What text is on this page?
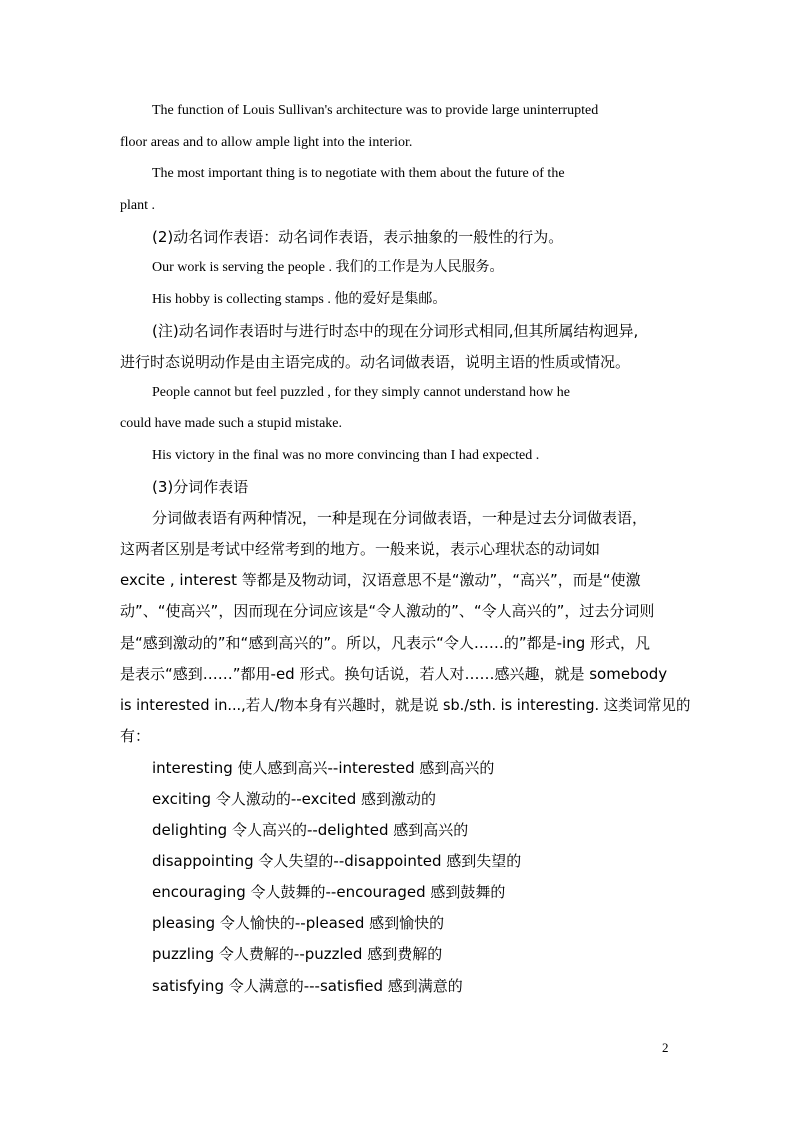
The function of Louis Sullivan's architecture was to provide large uninterrupted
floor areas and to allow ample light into the interior.
The most important thing is to negotiate with them about the future of the
plant .
(2)动名词作表语：动名词作表语，表示抽象的一般性的行为。
Our work is serving the people . 我们的工作是为人民服务。
His hobby is collecting stamps . 他的爱好是集邮。
(注)动名词作表语时与进行时态中的现在分词形式相同,但其所属结构迥异,
进行时态说明动作是由主语完成的。动名词做表语，说明主语的性质或情况。
People cannot but feel puzzled , for they simply cannot understand how he
could have made such a stupid mistake.
His victory in the final was no more convincing than I had expected .
(3)分词作表语
分词做表语有两种情况，一种是现在分词做表语，一种是过去分词做表语，
这两者区别是考试中经常考到的地方。一般来说，表示心理状态的动词如
excite , interest 等都是及物动词，汉语意思不是“激动”，“高兴”，而是“使激
动”、“使高兴”，因而现在分词应该是“令人激动的”、“令人高兴的”，过去分词则
是“感到激动的”和“感到高兴的”。所以，凡表示“令人……的”都是-ing 形式，凡
是表示“感到……”都用-ed 形式。换句话说，若人对……感兴趣，就是 somebody
is interested in...,若人/物本身有兴趣时，就是说 sb./sth. is interesting. 这类词常见的
有：
interesting 使人感到高兴--interested 感到高兴的
exciting 令人激动的--excited 感到激动的
delighting 令人高兴的--delighted 感到高兴的
disappointing 令人失望的--disappointed 感到失望的
encouraging 令人鼓舞的--encouraged 感到鼓舞的
pleasing 令人愉快的--pleased 感到愉快的
puzzling 令人费解的--puzzled 感到费解的
satisfying 令人满意的---satisfied 感到满意的
2
